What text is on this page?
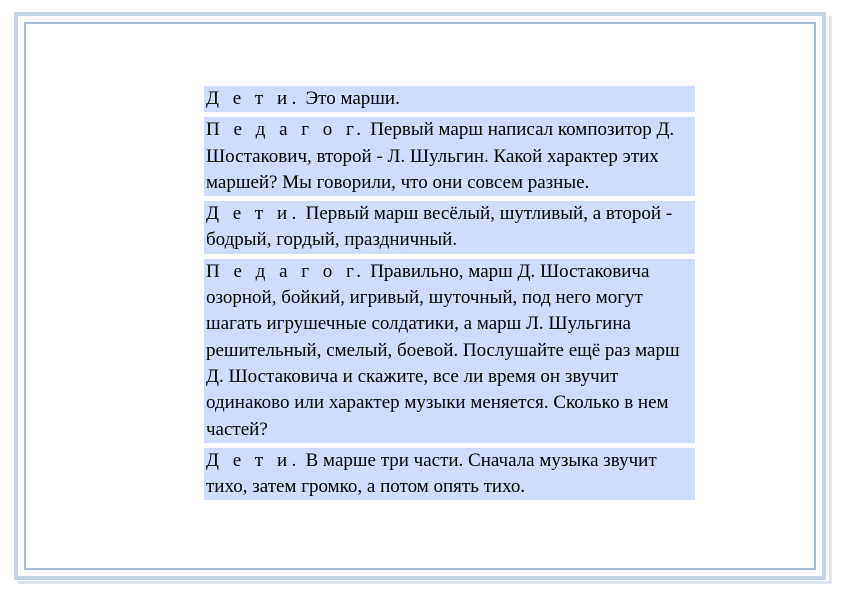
Д е т и. Это марши.

П е д а г о г. Первый марш написал композитор Д. Шостакович, второй - Л. Шульгин. Какой характер этих маршей? Мы говорили, что они совсем разные.

Д е т и. Первый марш весёлый, шутливый, а второй - бодрый, гордый, праздничный.

П е д а г о г. Правильно, марш Д. Шостаковича озорной, бойкий, игривый, шуточный, под него могут шагать игрушечные солдатики, а марш Л. Шульгина решительный, смелый, боевой. Послушайте ещё раз марш Д. Шостаковича и скажите, все ли время он звучит одинаково или характер музыки меняется. Сколько в нем частей?

Д е т и. В марше три части. Сначала музыка звучит тихо, затем громко, а потом опять тихо.
